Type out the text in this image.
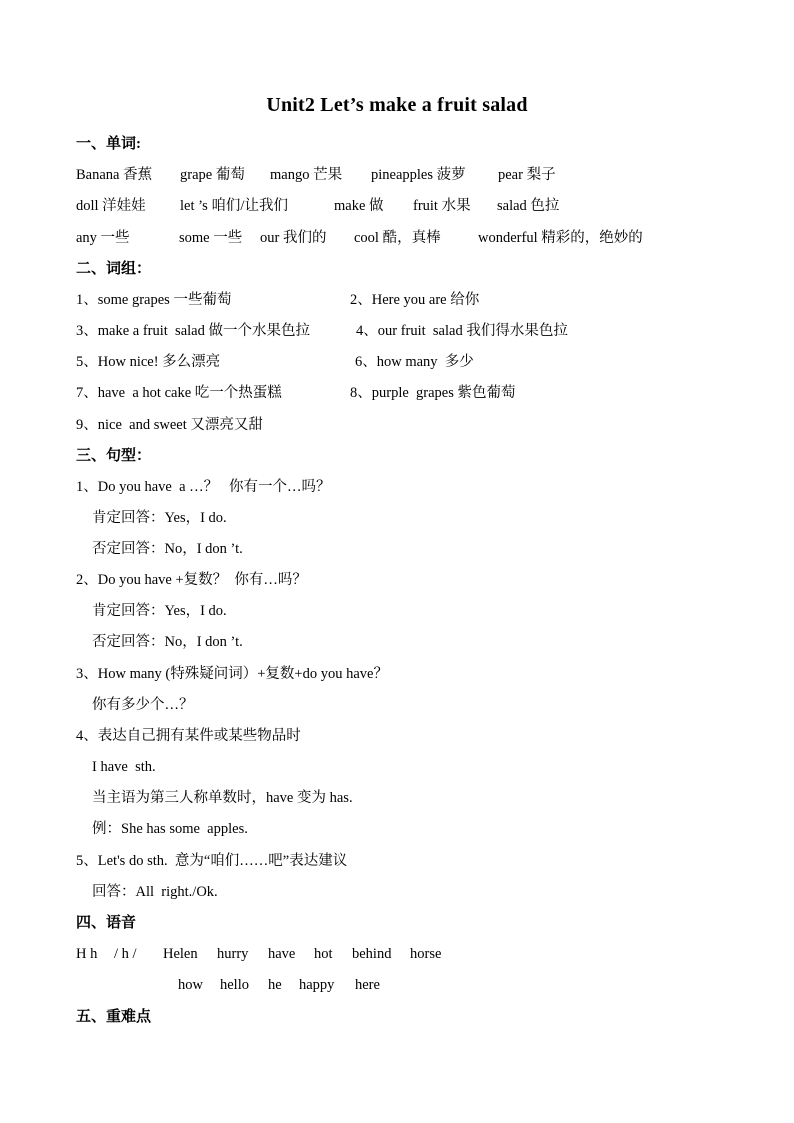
Unit2 Let’s make a fruit salad
一、单词:
Banana 香蕉 grape 葡萄 mango 芒果 pineapples 菠萝 pear 梨子
doll 洋娃娃 let ’s 咱们/让我们	make 做 fruit 水果 salad 色拉
any 一些	some 一些 our 我们的 cool 酷，真棒	wonderful 精彩的，绝妙的
二、词组：
1、some grapes 一些葡萄	2、Here you are 给你
3、make a fruit  salad 做一个水果色拉	4、our fruit  salad 我们得水果色拉
5、How nice! 多么漂亮	6、how many  多少
7、have  a hot cake 吃一个热蛋糕	8、purple  grapes 紫色葡萄
9、nice  and sweet 又漂亮又甜
三、句型：
1、Do you have  a …？   你有一个…吗？
肯定回答：Yes，I do.
否定回答：No，I don ’t.
2、Do you have +复数？  你有…吗？
肯定回答：Yes，I do.
否定回答：No，I don ’t.
3、How many (特殊疑问词）+复数+do you have？
你有多少个…？
4、表达自己拥有某件或某些物品时
I have  sth.
当主语为第三人称单数时，have 变为 has.
例：She has some  apples.
5、Let's do sth.  意为“咱们……吧”表达建议
回答：All  right./Ok.
四、语音
H h / h / Helen hurry have hot behind horse
how hello he happy here
五、重难点
